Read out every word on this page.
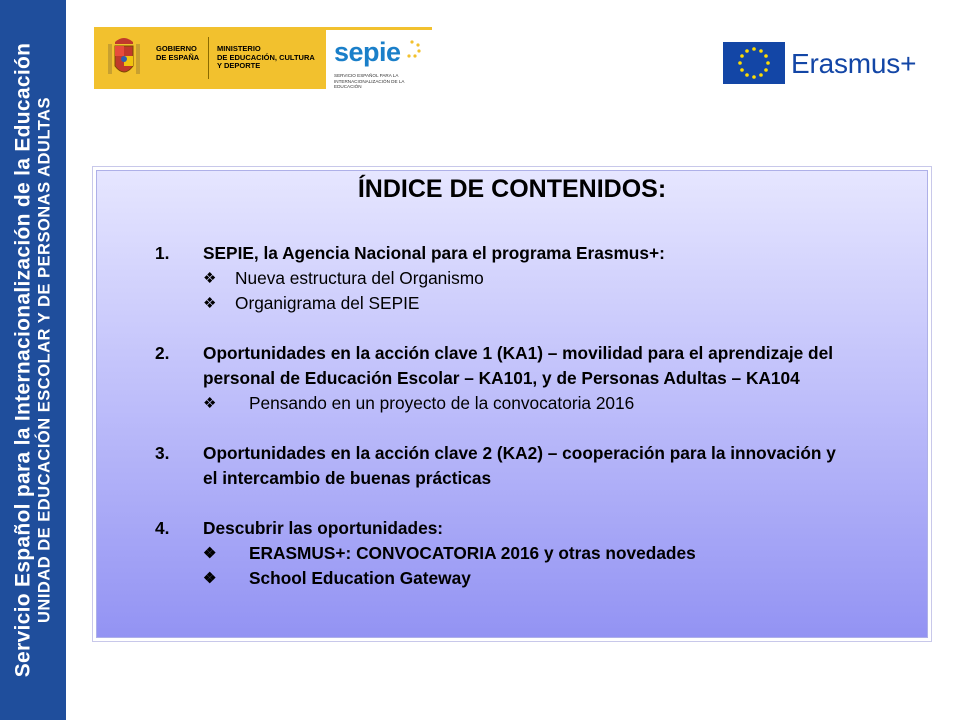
Servicio Español para la Internacionalización de la Educación UNIDAD DE EDUCACIÓN ESCOLAR Y DE PERSONAS ADULTAS
GOBIERNO
DE ESPAÑA
MINISTERIO
DE EDUCACIÓN, CULTURA
Y DEPORTE	sepie
SERVICIO ESPAÑOL PARA LA INTERNACIONALIZACIÓN DE LA EDUCACIÓN
Erasmus+
ÍNDICE DE CONTENIDOS:
1. SEPIE, la Agencia Nacional para el programa Erasmus+:
❖ Nueva estructura del Organismo
❖ Organigrama del SEPIE
2. Oportunidades en la acción clave 1 (KA1) – movilidad para el aprendizaje del personal de Educación Escolar – KA101, y de Personas Adultas – KA104
❖ Pensando en un proyecto de la convocatoria 2016
3. Oportunidades en la acción clave 2 (KA2) – cooperación para la innovación y el intercambio de buenas prácticas
4. Descubrir las oportunidades:
❖ ERASMUS+: CONVOCATORIA 2016 y otras novedades
❖ School Education Gateway
